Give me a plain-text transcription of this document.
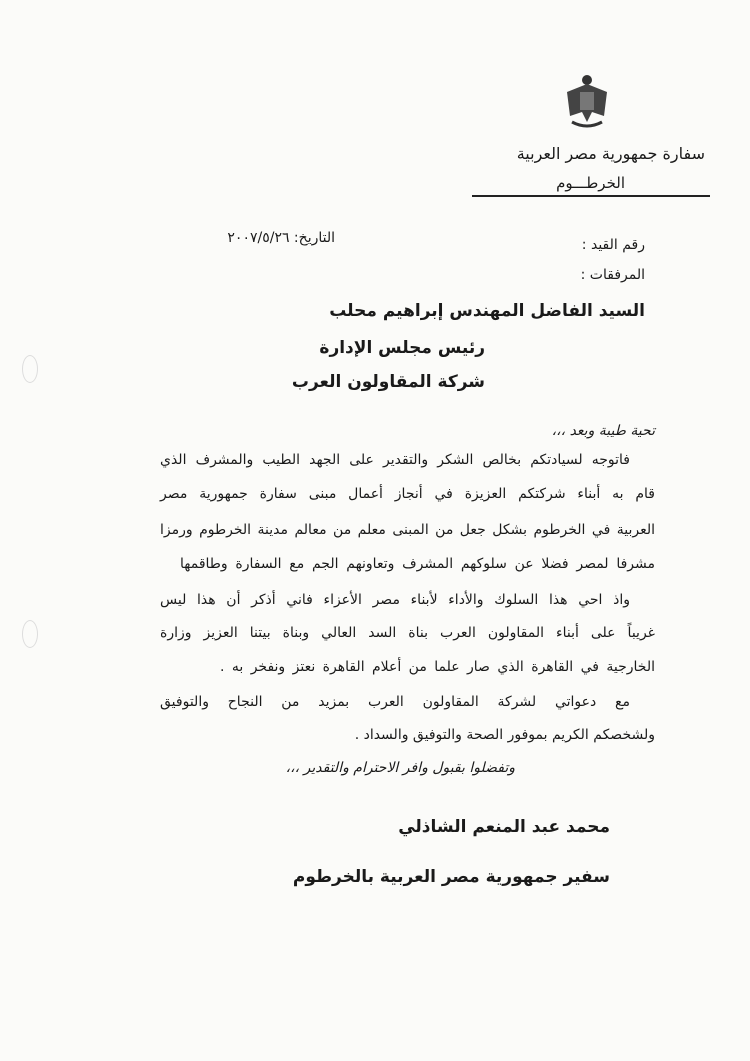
سفارة جمهورية مصر العربية
الخرطـــوم
التاريخ: ٢٠٠٧/٥/٢٦	رقم القيد :
المرفقات :
السيد الفاضل المهندس إبراهيم محلب
رئيس مجلس الإدارة
شركة المقاولون العرب
تحية طيبة وبعد ،،،
فاتوجه لسيادتكم بخالص الشكر والتقدير على الجهد الطيب والمشرف الذي
قام به أبناء شركتكم العزيزة في أنجاز أعمال مبنى سفارة جمهورية مصر
العربية في الخرطوم بشكل جعل من المبنى معلم من معالم مدينة الخرطوم ورمزا
مشرفا لمصر فضلا عن سلوكهم المشرف وتعاونهم الجم مع السفارة وطاقمها
واذ احي هذا السلوك والأداء لأبناء مصر الأعزاء فاني أذكر أن هذا ليس
غريباً على أبناء المقاولون العرب بناة السد العالي وبناة بيتنا العزيز وزارة
الخارجية في القاهرة الذي صار علما من أعلام القاهرة نعتز ونفخر به .
مع دعواتي لشركة المقاولون العرب بمزيد من النجاح والتوفيق
ولشخصكم الكريم بموفور الصحة والتوفيق والسداد .
وتفضلوا بقبول وافر الاحترام والتقدير ،،،
محمد عبد المنعم الشاذلي
سفير جمهورية مصر العربية بالخرطوم
